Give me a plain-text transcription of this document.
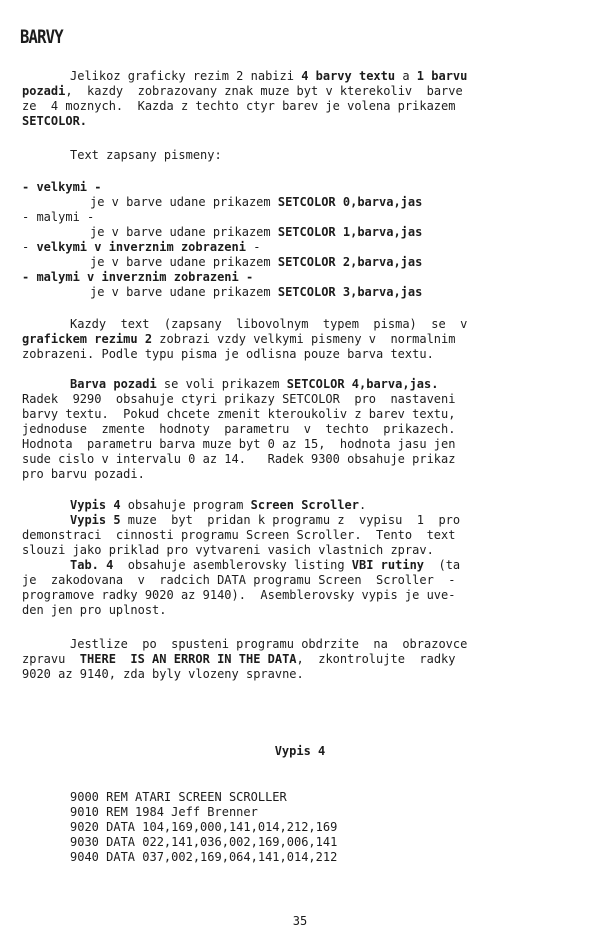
BARVY
Jelikoz graficky rezim 2 nabizi 4 barvy textu a 1 barvu
pozadi,  kazdy  zobrazovany znak muze byt v kterekoliv  barve
ze  4 moznych.  Kazda z techto ctyr barev je volena prikazem
SETCOLOR.
Text zapsany pismeny:
- velkymi -
je v barve udane prikazem SETCOLOR 0,barva,jas
- malymi -
je v barve udane prikazem SETCOLOR 1,barva,jas
- velkymi v inverznim zobrazeni -
je v barve udane prikazem SETCOLOR 2,barva,jas
- malymi v inverznim zobrazeni -
je v barve udane prikazem SETCOLOR 3,barva,jas
Kazdy  text  (zapsany  libovolnym  typem  pisma)  se  v
grafickem rezimu 2 zobrazi vzdy velkymi pismeny v  normalnim
zobrazeni. Podle typu pisma je odlisna pouze barva textu.
Barva pozadi se voli prikazem SETCOLOR 4,barva,jas.
Radek  9290  obsahuje ctyri prikazy SETCOLOR  pro  nastaveni
barvy textu.  Pokud chcete zmenit kteroukoliv z barev textu,
jednoduse  zmente  hodnoty  parametru  v  techto  prikazech.
Hodnota  parametru barva muze byt 0 az 15,  hodnota jasu jen
sude cislo v intervalu 0 az 14.   Radek 9300 obsahuje prikaz
pro barvu pozadi.
Vypis 4 obsahuje program Screen Scroller.
Vypis 5 muze  byt  pridan k programu z  vypisu  1  pro
demonstraci  cinnosti programu Screen Scroller.  Tento  text
slouzi jako priklad pro vytvareni vasich vlastnich zprav.
Tab. 4  obsahuje asemblerovsky listing VBI rutiny  (ta
je  zakodovana  v  radcich DATA programu Screen  Scroller  -
programove radky 9020 az 9140).  Asemblerovsky vypis je uve-
den jen pro uplnost.
Jestlize  po  spusteni programu obdrzite  na  obrazovce
zpravu  THERE  IS AN ERROR IN THE DATA,  zkontrolujte  radky
9020 az 9140, zda byly vlozeny spravne.
Vypis 4
9000 REM ATARI SCREEN SCROLLER
9010 REM 1984 Jeff Brenner
9020 DATA 104,169,000,141,014,212,169
9030 DATA 022,141,036,002,169,006,141
9040 DATA 037,002,169,064,141,014,212
35
